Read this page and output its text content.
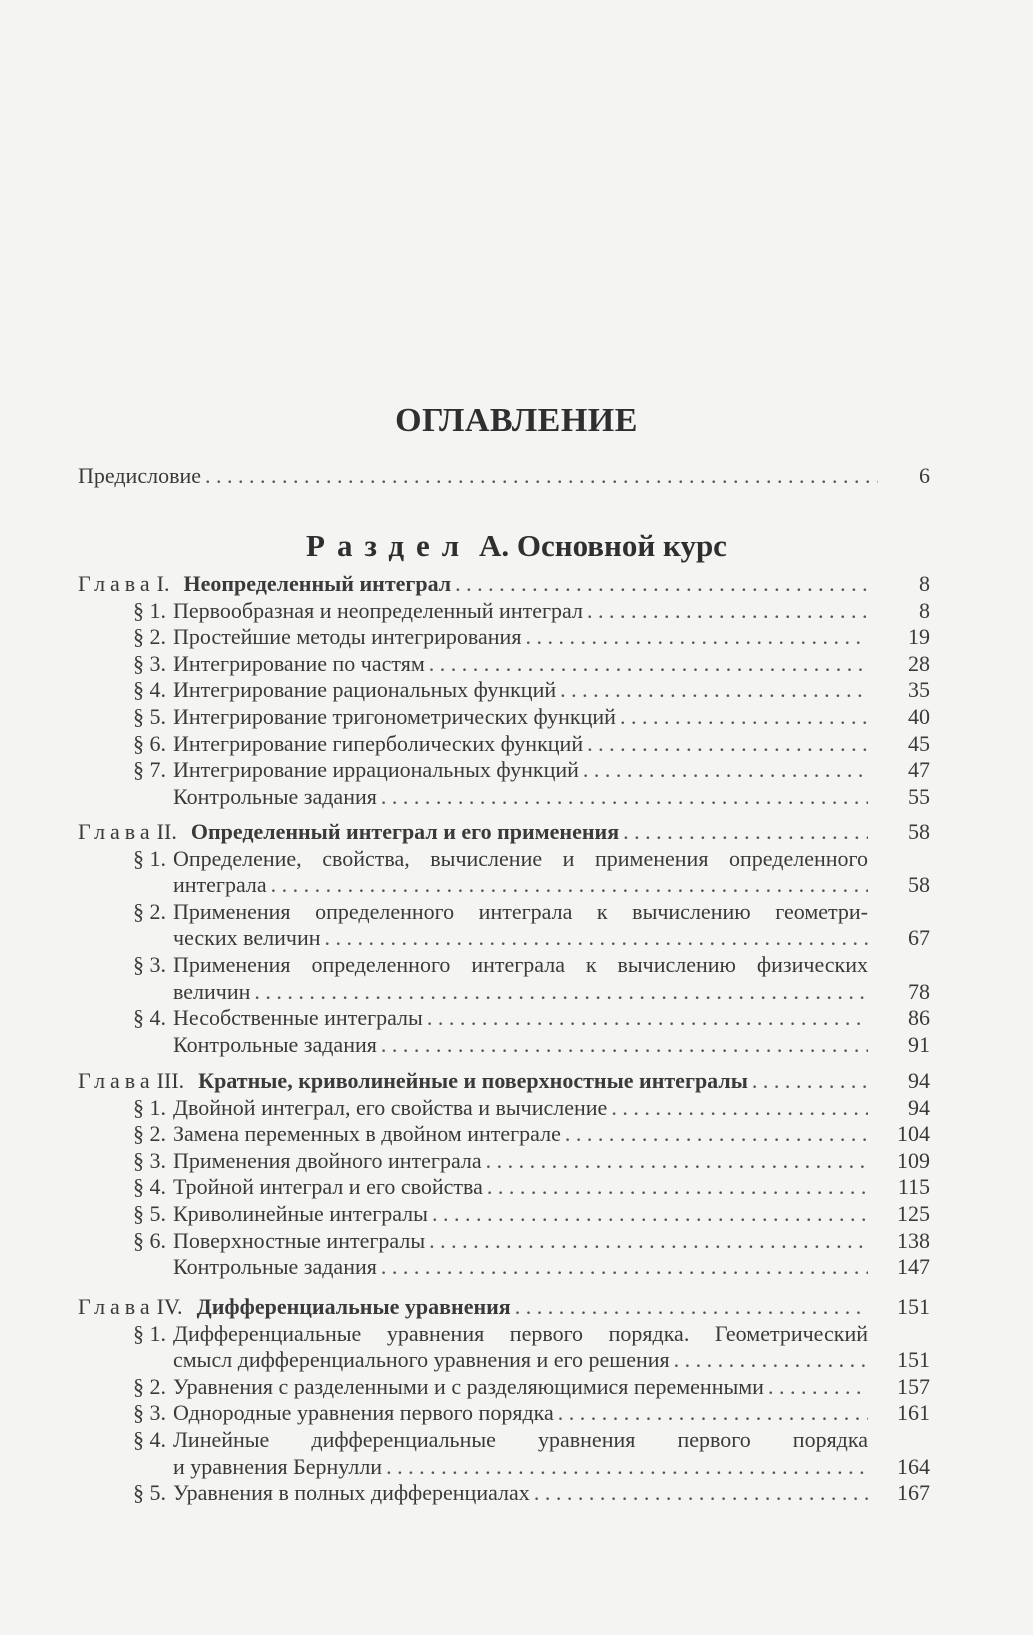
ОГЛАВЛЕНИЕ
Предисловие . . .	6
Раздел А. Основной курс
Глава I. Неопределенный интеграл . . .	8
§ 1. Первообразная и неопределенный интеграл . . .	8
§ 2. Простейшие методы интегрирования . . .	19
§ 3. Интегрирование по частям . . .	28
§ 4. Интегрирование рациональных функций . . .	35
§ 5. Интегрирование тригонометрических функций . . .	40
§ 6. Интегрирование гиперболических функций . . .	45
§ 7. Интегрирование иррациональных функций . . .	47
Контрольные задания . . .	55
Глава II. Определенный интеграл и его применения . . .	58
§ 1. Определение, свойства, вычисление и применения определенного
интеграла . . .	58
§ 2. Применения определенного интеграла к вычислению геометри-
ческих величин . . .	67
§ 3. Применения определенного интеграла к вычислению физических
величин . . .	78
§ 4. Несобственные интегралы . . .	86
Контрольные задания . . .	91
Глава III. Кратные, криволинейные и поверхностные интегралы . . .	94
§ 1. Двойной интеграл, его свойства и вычисление . . .	94
§ 2. Замена переменных в двойном интеграле . . .	104
§ 3. Применения двойного интеграла . . .	109
§ 4. Тройной интеграл и его свойства . . .	115
§ 5. Криволинейные интегралы . . .	125
§ 6. Поверхностные интегралы . . .	138
Контрольные задания . . .	147
Глава IV. Дифференциальные уравнения . . .	151
§ 1. Дифференциальные уравнения первого порядка. Геометрический
смысл дифференциального уравнения и его решения . . .	151
§ 2. Уравнения с разделенными и с разделяющимися переменными . . .	157
§ 3. Однородные уравнения первого порядка . . .	161
§ 4. Линейные дифференциальные уравнения первого порядка
и уравнения Бернулли . . .	164
§ 5. Уравнения в полных дифференциалах . . .	167
